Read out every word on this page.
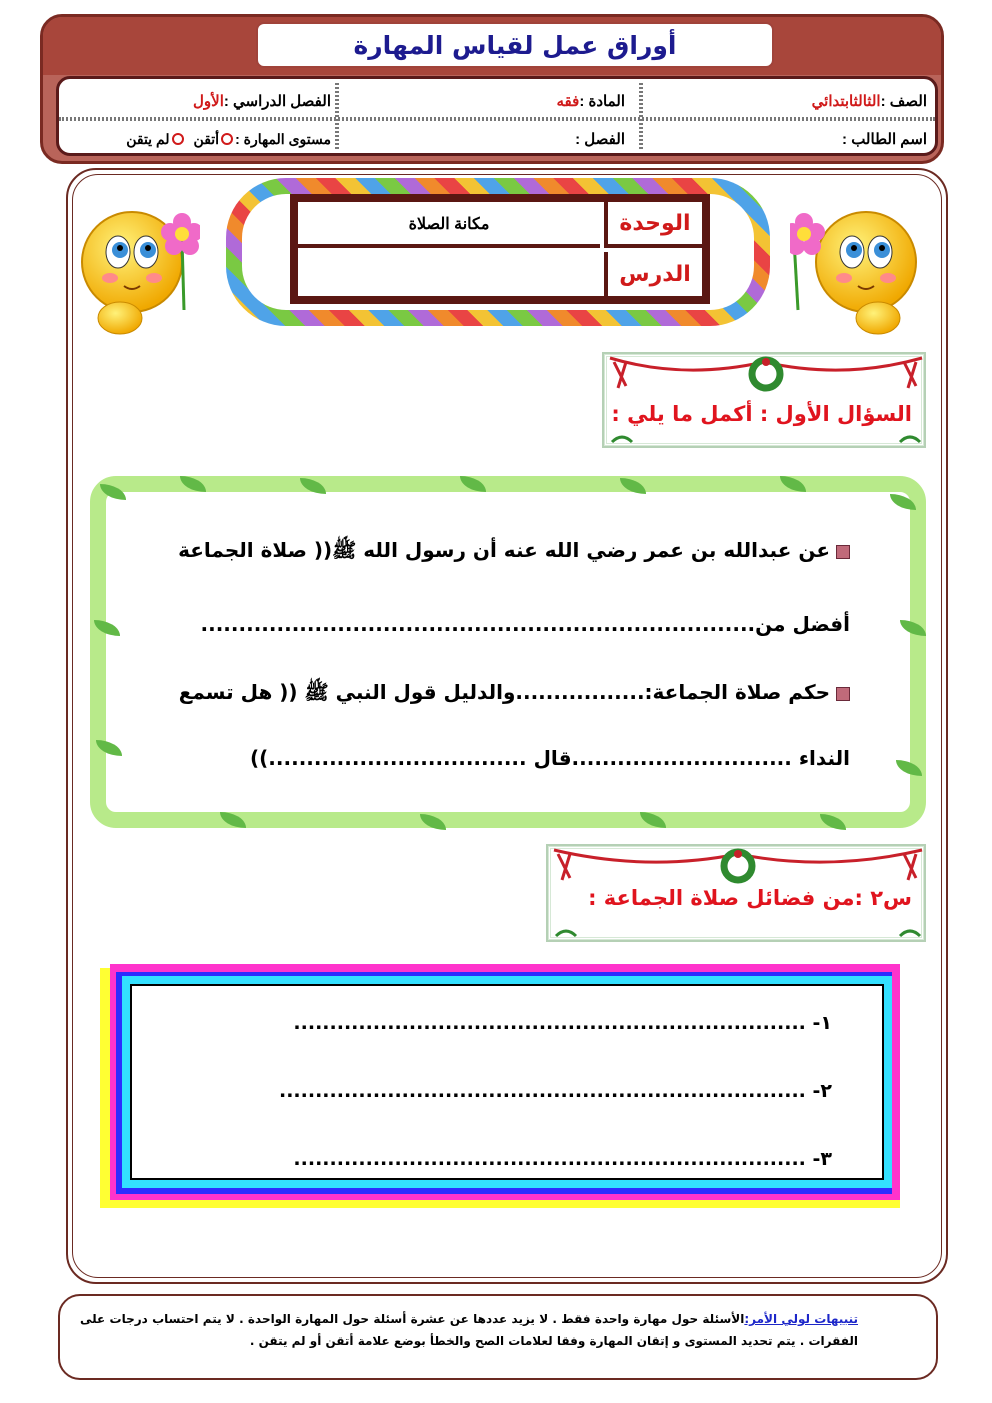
أوراق عمل لقياس المهارة
الصف :
الثالثابتدائي
المادة :
فقه
الفصل الدراسي :
الأول
اسم الطالب :
الفصل :
مستوى المهارة :
أتقن
لم يتقن
الوحدة
مكانة الصلاة
الدرس
السؤال الأول : أكمل ما يلي :
عن عبدالله بن عمر رضي الله عنه أن رسول الله ﷺ(( صلاة الجماعة
أفضل من.........................................................................
حكم صلاة الجماعة:.................والدليل قول النبي ﷺ (( هل تسمع
النداء .............................قال ..................................))
س٢ :من فضائل صلاة الجماعة :
١- .......................................................................
٢- .........................................................................
٣- .......................................................................
تنبيهات لولي الأمر:الأسئلة حول مهارة واحدة فقط . لا يزيد عددها عن عشرة أسئلة حول المهارة الواحدة . لا يتم احتساب درجات على الفقرات . يتم تحديد المستوى و إتقان المهارة وفقا لعلامات الصح والخطأ بوضع علامة أتقن أو لم يتقن .
